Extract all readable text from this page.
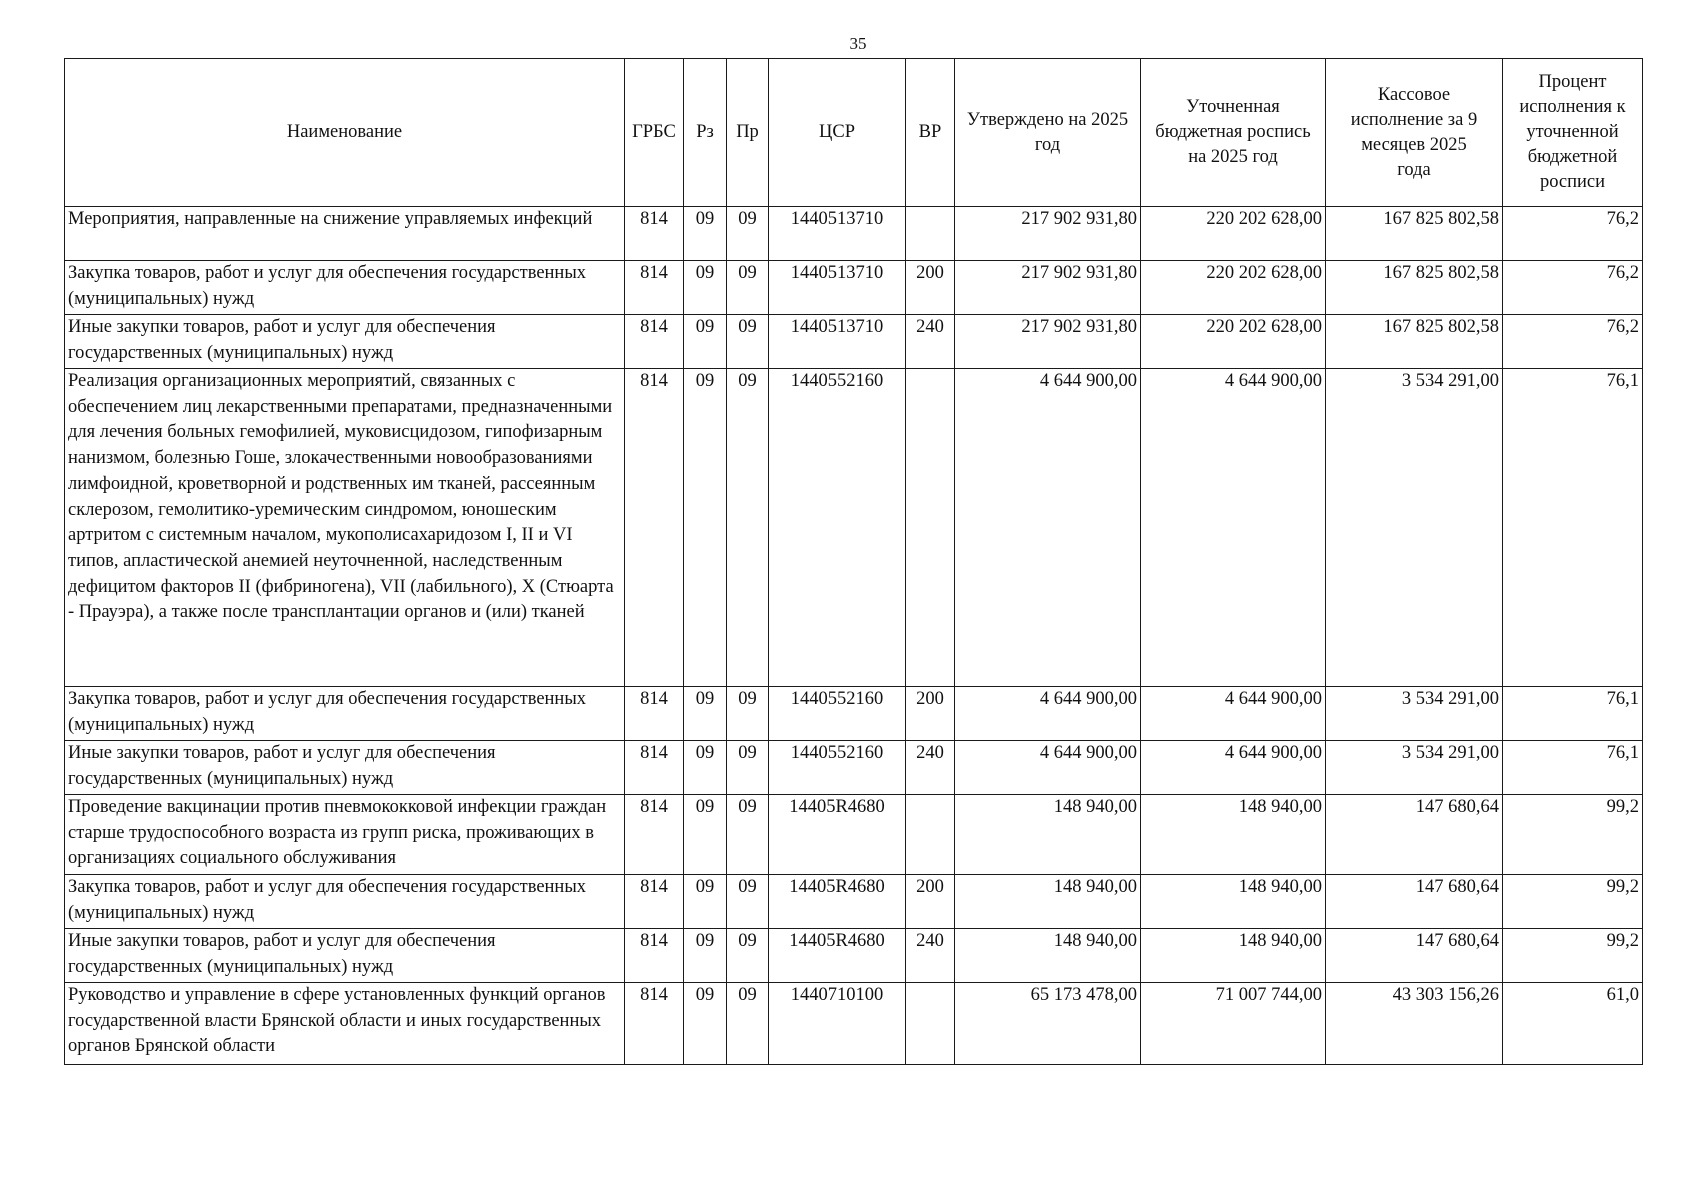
35
Наименование	ГРБС	Рз	Пр	ЦСР	ВР	Утверждено на 2025 год	Уточненная бюджетная роспись на 2025 год	Кассовое исполнение за 9 месяцев 2025 года	Процент исполнения к уточненной бюджетной росписи
Мероприятия, направленные на снижение управляемых инфекций	814	09	09	1440513710		217 902 931,80	220 202 628,00	167 825 802,58	76,2
Закупка товаров, работ и услуг для обеспечения государственных (муниципальных) нужд	814	09	09	1440513710	200	217 902 931,80	220 202 628,00	167 825 802,58	76,2
Иные закупки товаров, работ и услуг для обеспечения государственных (муниципальных) нужд	814	09	09	1440513710	240	217 902 931,80	220 202 628,00	167 825 802,58	76,2
Реализация организационных мероприятий, связанных с обеспечением лиц лекарственными препаратами, предназначенными для лечения больных гемофилией, муковисцидозом, гипофизарным нанизмом, болезнью Гоше, злокачественными новообразованиями лимфоидной, кроветворной и родственных им тканей, рассеянным склерозом, гемолитико-уремическим синдромом, юношеским артритом с системным началом, мукополисахаридозом I, II и VI типов, апластической анемией неуточненной, наследственным дефицитом факторов II (фибриногена), VII (лабильного), X (Стюарта - Прауэра), а также после трансплантации органов и (или) тканей	814	09	09	1440552160		4 644 900,00	4 644 900,00	3 534 291,00	76,1
Закупка товаров, работ и услуг для обеспечения государственных (муниципальных) нужд	814	09	09	1440552160	200	4 644 900,00	4 644 900,00	3 534 291,00	76,1
Иные закупки товаров, работ и услуг для обеспечения государственных (муниципальных) нужд	814	09	09	1440552160	240	4 644 900,00	4 644 900,00	3 534 291,00	76,1
Проведение вакцинации против пневмококковой инфекции граждан старше трудоспособного возраста из групп риска, проживающих в организациях социального обслуживания	814	09	09	14405R4680		148 940,00	148 940,00	147 680,64	99,2
Закупка товаров, работ и услуг для обеспечения государственных (муниципальных) нужд	814	09	09	14405R4680	200	148 940,00	148 940,00	147 680,64	99,2
Иные закупки товаров, работ и услуг для обеспечения государственных (муниципальных) нужд	814	09	09	14405R4680	240	148 940,00	148 940,00	147 680,64	99,2
Руководство и управление в сфере установленных функций органов государственной власти Брянской области и иных государственных органов Брянской области	814	09	09	1440710100		65 173 478,00	71 007 744,00	43 303 156,26	61,0
